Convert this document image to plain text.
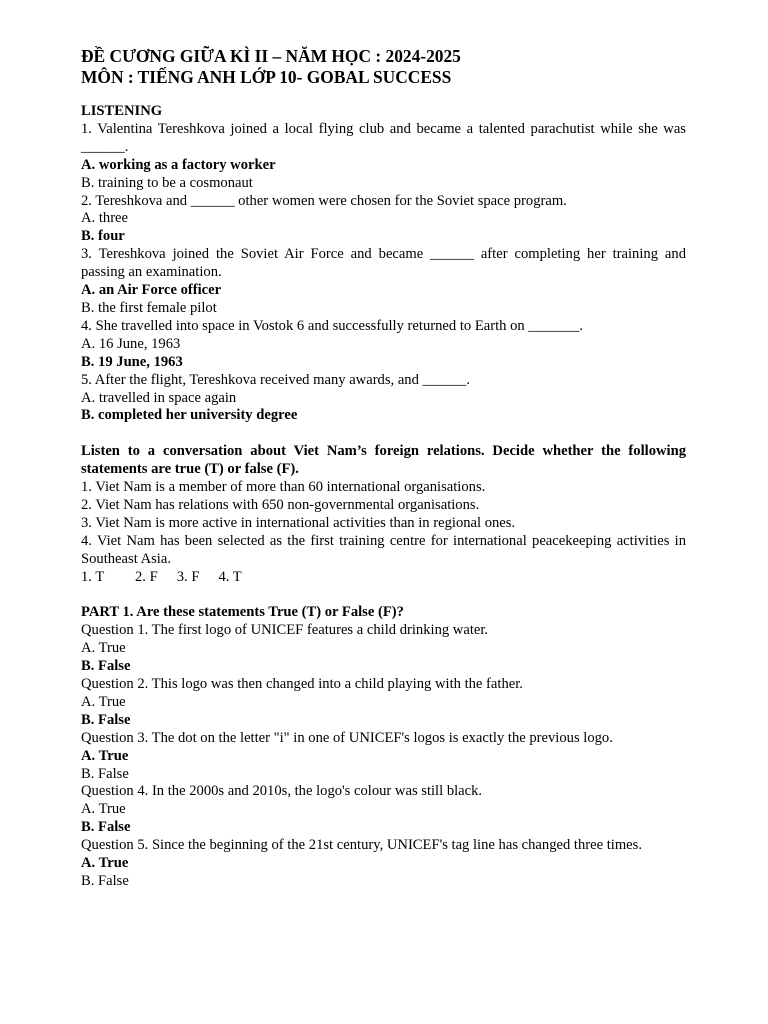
ĐỀ CƯƠNG GIỮA KÌ II – NĂM HỌC : 2024-2025

MÔN : TIẾNG ANH LỚP 10- GOBAL SUCCESS

LISTENING

1. Valentina Tereshkova joined a local flying club and became a talented parachutist while she was ______.

A. working as a factory worker

B. training to be a cosmonaut

2. Tereshkova and ______ other women were chosen for the Soviet space program.

A. three

B. four

3. Tereshkova joined the Soviet Air Force and became ______ after completing her training and passing an examination.

A. an Air Force officer

B. the first female pilot

4. She travelled into space in Vostok 6 and successfully returned to Earth on _______.

A. 16 June, 1963

B. 19 June, 1963

5. After the flight, Tereshkova received many awards, and ______.

A. travelled in space again

B. completed her university degree

Listen to a conversation about Viet Nam’s foreign relations. Decide whether the following statements are true (T) or false (F).

1. Viet Nam is a member of more than 60 international organisations.

2. Viet Nam has relations with 650 non-governmental organisations.

3. Viet Nam is more active in international activities than in regional ones.

4. Viet Nam has been selected as the first training centre for international peacekeeping activities in Southeast Asia.

1. T 2. F 3. F 4. T

PART 1. Are these statements True (T) or False (F)?

Question 1. The first logo of UNICEF features a child drinking water.

A. True

B. False

Question 2. This logo was then changed into a child playing with the father.

A. True

B. False

Question 3. The dot on the letter "i" in one of UNICEF's logos is exactly the previous logo.

A. True

B. False

Question 4. In the 2000s and 2010s, the logo's colour was still black.

A. True

B. False

Question 5. Since the beginning of the 21st century, UNICEF's tag line has changed three times.

A. True

B. False
